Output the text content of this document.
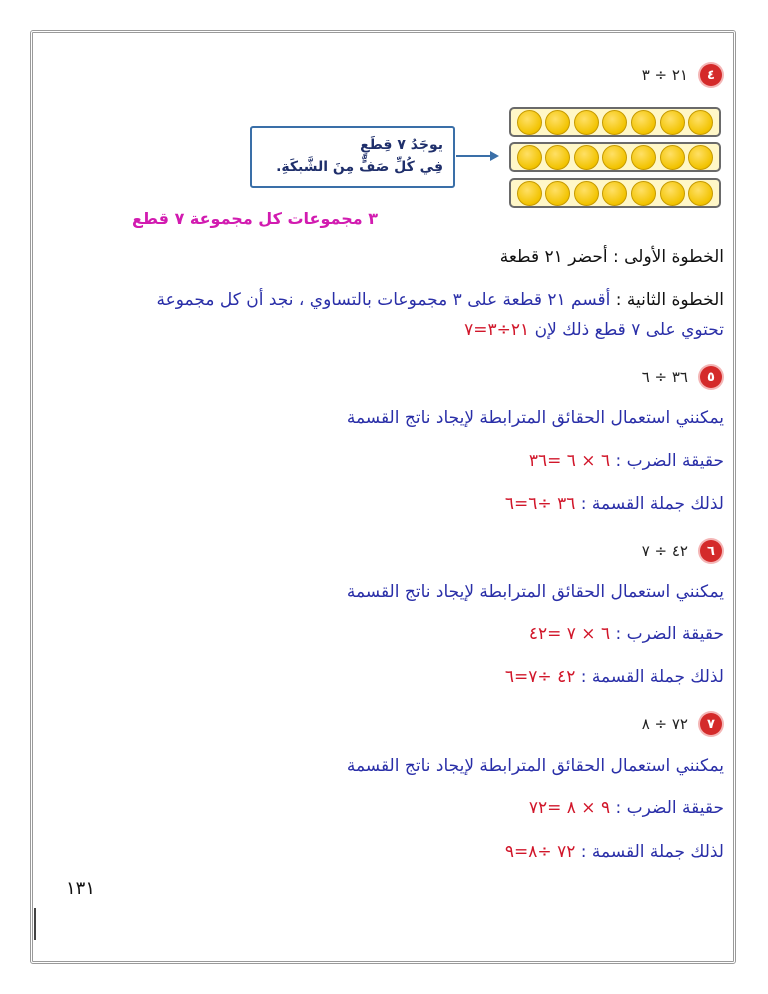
٤
٢١ ÷ ٣
يوجَدُ ٧ قِطَعٍ
فِي كُلِّ صَفٍّ مِنَ الشَّبكَةِ.
٣ مجموعات كل مجموعة ٧ قطع
الخطوة الأولى : أحضر ٢١ قطعة
الخطوة الثانية : أقسم ٢١ قطعة على ٣ مجموعات بالتساوي ، نجد أن كل مجموعة
تحتوي على ٧ قطع ذلك لإن ٢١÷٣=٧
٥
٣٦ ÷ ٦
يمكنني استعمال الحقائق المترابطة لإيجاد ناتج القسمة
حقيقة الضرب : ٦ × ٦ =٣٦
لذلك جملة القسمة : ٣٦ ÷٦=٦
٦
٤٢ ÷ ٧
يمكنني استعمال الحقائق المترابطة لإيجاد ناتج القسمة
حقيقة الضرب : ٦ × ٧ =٤٢
لذلك جملة القسمة : ٤٢ ÷٧=٦
٧
٧٢ ÷ ٨
يمكنني استعمال الحقائق المترابطة لإيجاد ناتج القسمة
حقيقة الضرب : ٩ × ٨ =٧٢
لذلك جملة القسمة : ٧٢ ÷٨=٩
١٣١
